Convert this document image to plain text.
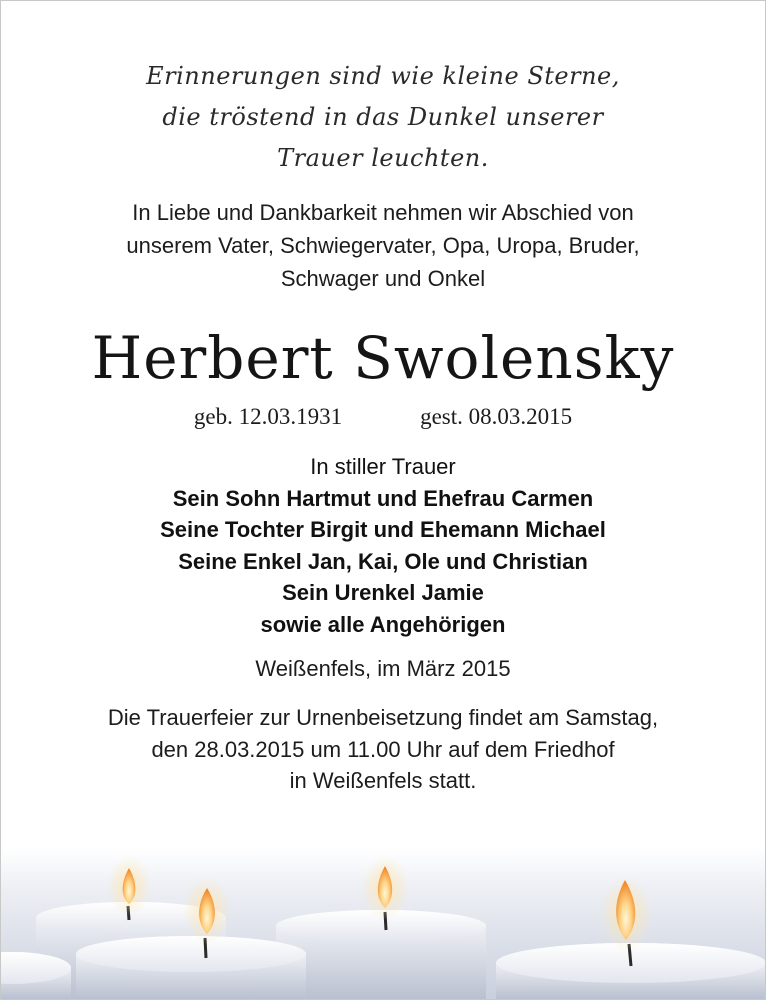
Erinnerungen sind wie kleine Sterne,
die tröstend in das Dunkel unserer
Trauer leuchten.
In Liebe und Dankbarkeit nehmen wir Abschied von
unserem Vater, Schwiegervater, Opa, Uropa, Bruder,
Schwager und Onkel
Herbert Swolensky
geb. 12.03.1931	gest. 08.03.2015
In stiller Trauer
Sein Sohn Hartmut und Ehefrau Carmen
Seine Tochter Birgit und Ehemann Michael
Seine Enkel Jan, Kai, Ole und Christian
Sein Urenkel Jamie
sowie alle Angehörigen
Weißenfels, im März 2015
Die Trauerfeier zur Urnenbeisetzung findet am Samstag,
den 28.03.2015 um 11.00 Uhr auf dem Friedhof
in Weißenfels statt.
